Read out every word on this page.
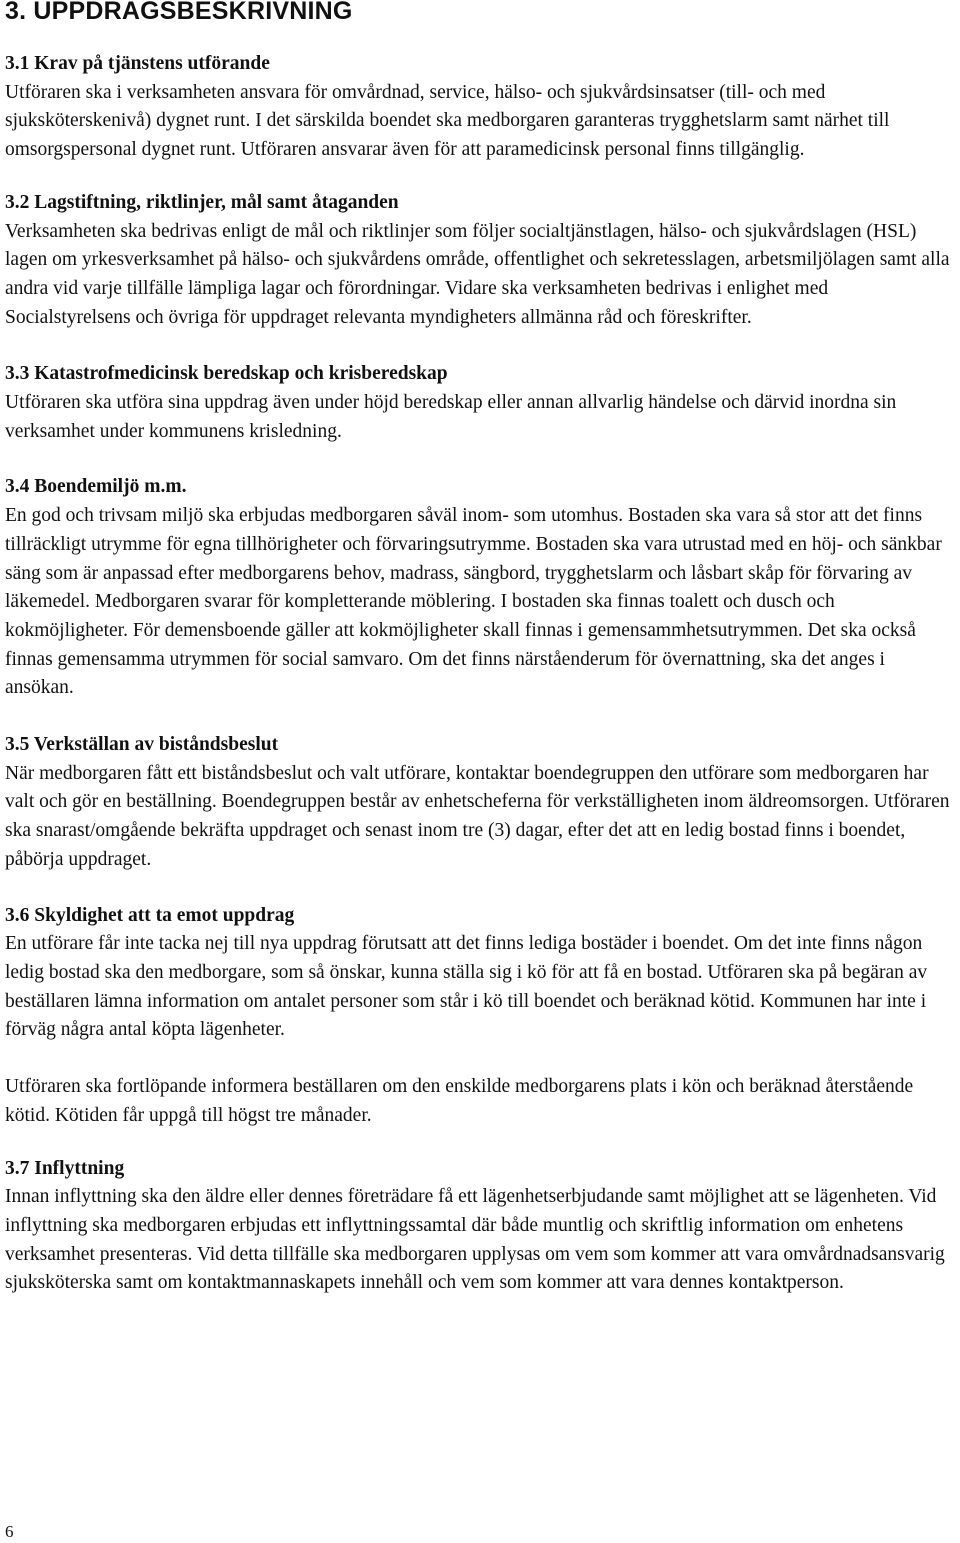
3. UPPDRAGSBESKRIVNING
3.1 Krav på tjänstens utförande

Utföraren ska i verksamheten ansvara för omvårdnad, service, hälso- och sjukvårdsinsatser (till- och med sjuksköterskenivå) dygnet runt. I det särskilda boendet ska medborgaren garanteras trygghetslarm samt närhet till omsorgspersonal dygnet runt. Utföraren ansvarar även för att paramedicinsk personal finns tillgänglig.

3.2 Lagstiftning, riktlinjer, mål samt åtaganden

Verksamheten ska bedrivas enligt de mål och riktlinjer som följer socialtjänstlagen, hälso- och sjukvårdslagen (HSL) lagen om yrkesverksamhet på hälso- och sjukvårdens område, offentlighet och sekretesslagen, arbetsmiljölagen samt alla andra vid varje tillfälle lämpliga lagar och förordningar. Vidare ska verksamheten bedrivas i enlighet med Socialstyrelsens och övriga för uppdraget relevanta myndigheters allmänna råd och föreskrifter.

3.3 Katastrofmedicinsk beredskap och krisberedskap

Utföraren ska utföra sina uppdrag även under höjd beredskap eller annan allvarlig händelse och därvid inordna sin verksamhet under kommunens krisledning.

3.4 Boendemiljö m.m.

En god och trivsam miljö ska erbjudas medborgaren såväl inom- som utomhus. Bostaden ska vara så stor att det finns tillräckligt utrymme för egna tillhörigheter och förvaringsutrymme. Bostaden ska vara utrustad med en höj- och sänkbar säng som är anpassad efter medborgarens behov, madrass, sängbord, trygghetslarm och låsbart skåp för förvaring av läkemedel. Medborgaren svarar för kompletterande möblering. I bostaden ska finnas toalett och dusch och kokmöjligheter. För demensboende gäller att kokmöjligheter skall finnas i gemensammhetsutrymmen. Det ska också finnas gemensamma utrymmen för social samvaro. Om det finns närståenderum för övernattning, ska det anges i ansökan.

3.5 Verkställan av biståndsbeslut

När medborgaren fått ett biståndsbeslut och valt utförare, kontaktar boendegruppen den utförare som medborgaren har valt och gör en beställning. Boendegruppen består av enhetscheferna för verkställigheten inom äldreomsorgen. Utföraren ska snarast/omgående bekräfta uppdraget och senast inom tre (3) dagar, efter det att en ledig bostad finns i boendet, påbörja uppdraget.

3.6 Skyldighet att ta emot uppdrag

En utförare får inte tacka nej till nya uppdrag förutsatt att det finns lediga bostäder i boendet. Om det inte finns någon ledig bostad ska den medborgare, som så önskar, kunna ställa sig i kö för att få en bostad. Utföraren ska på begäran av beställaren lämna information om antalet personer som står i kö till boendet och beräknad kötid. Kommunen har inte i förväg några antal köpta lägenheter.

Utföraren ska fortlöpande informera beställaren om den enskilde medborgarens plats i kön och beräknad återstående kötid. Kötiden får uppgå till högst tre månader.

3.7 Inflyttning

Innan inflyttning ska den äldre eller dennes företrädare få ett lägenhetserbjudande samt möjlighet att se lägenheten. Vid inflyttning ska medborgaren erbjudas ett inflyttningssamtal där både muntlig och skriftlig information om enhetens verksamhet presenteras. Vid detta tillfälle ska medborgaren upplysas om vem som kommer att vara omvårdnadsansvarig sjuksköterska samt om kontaktmannaskapets innehåll och vem som kommer att vara dennes kontaktperson.

6
